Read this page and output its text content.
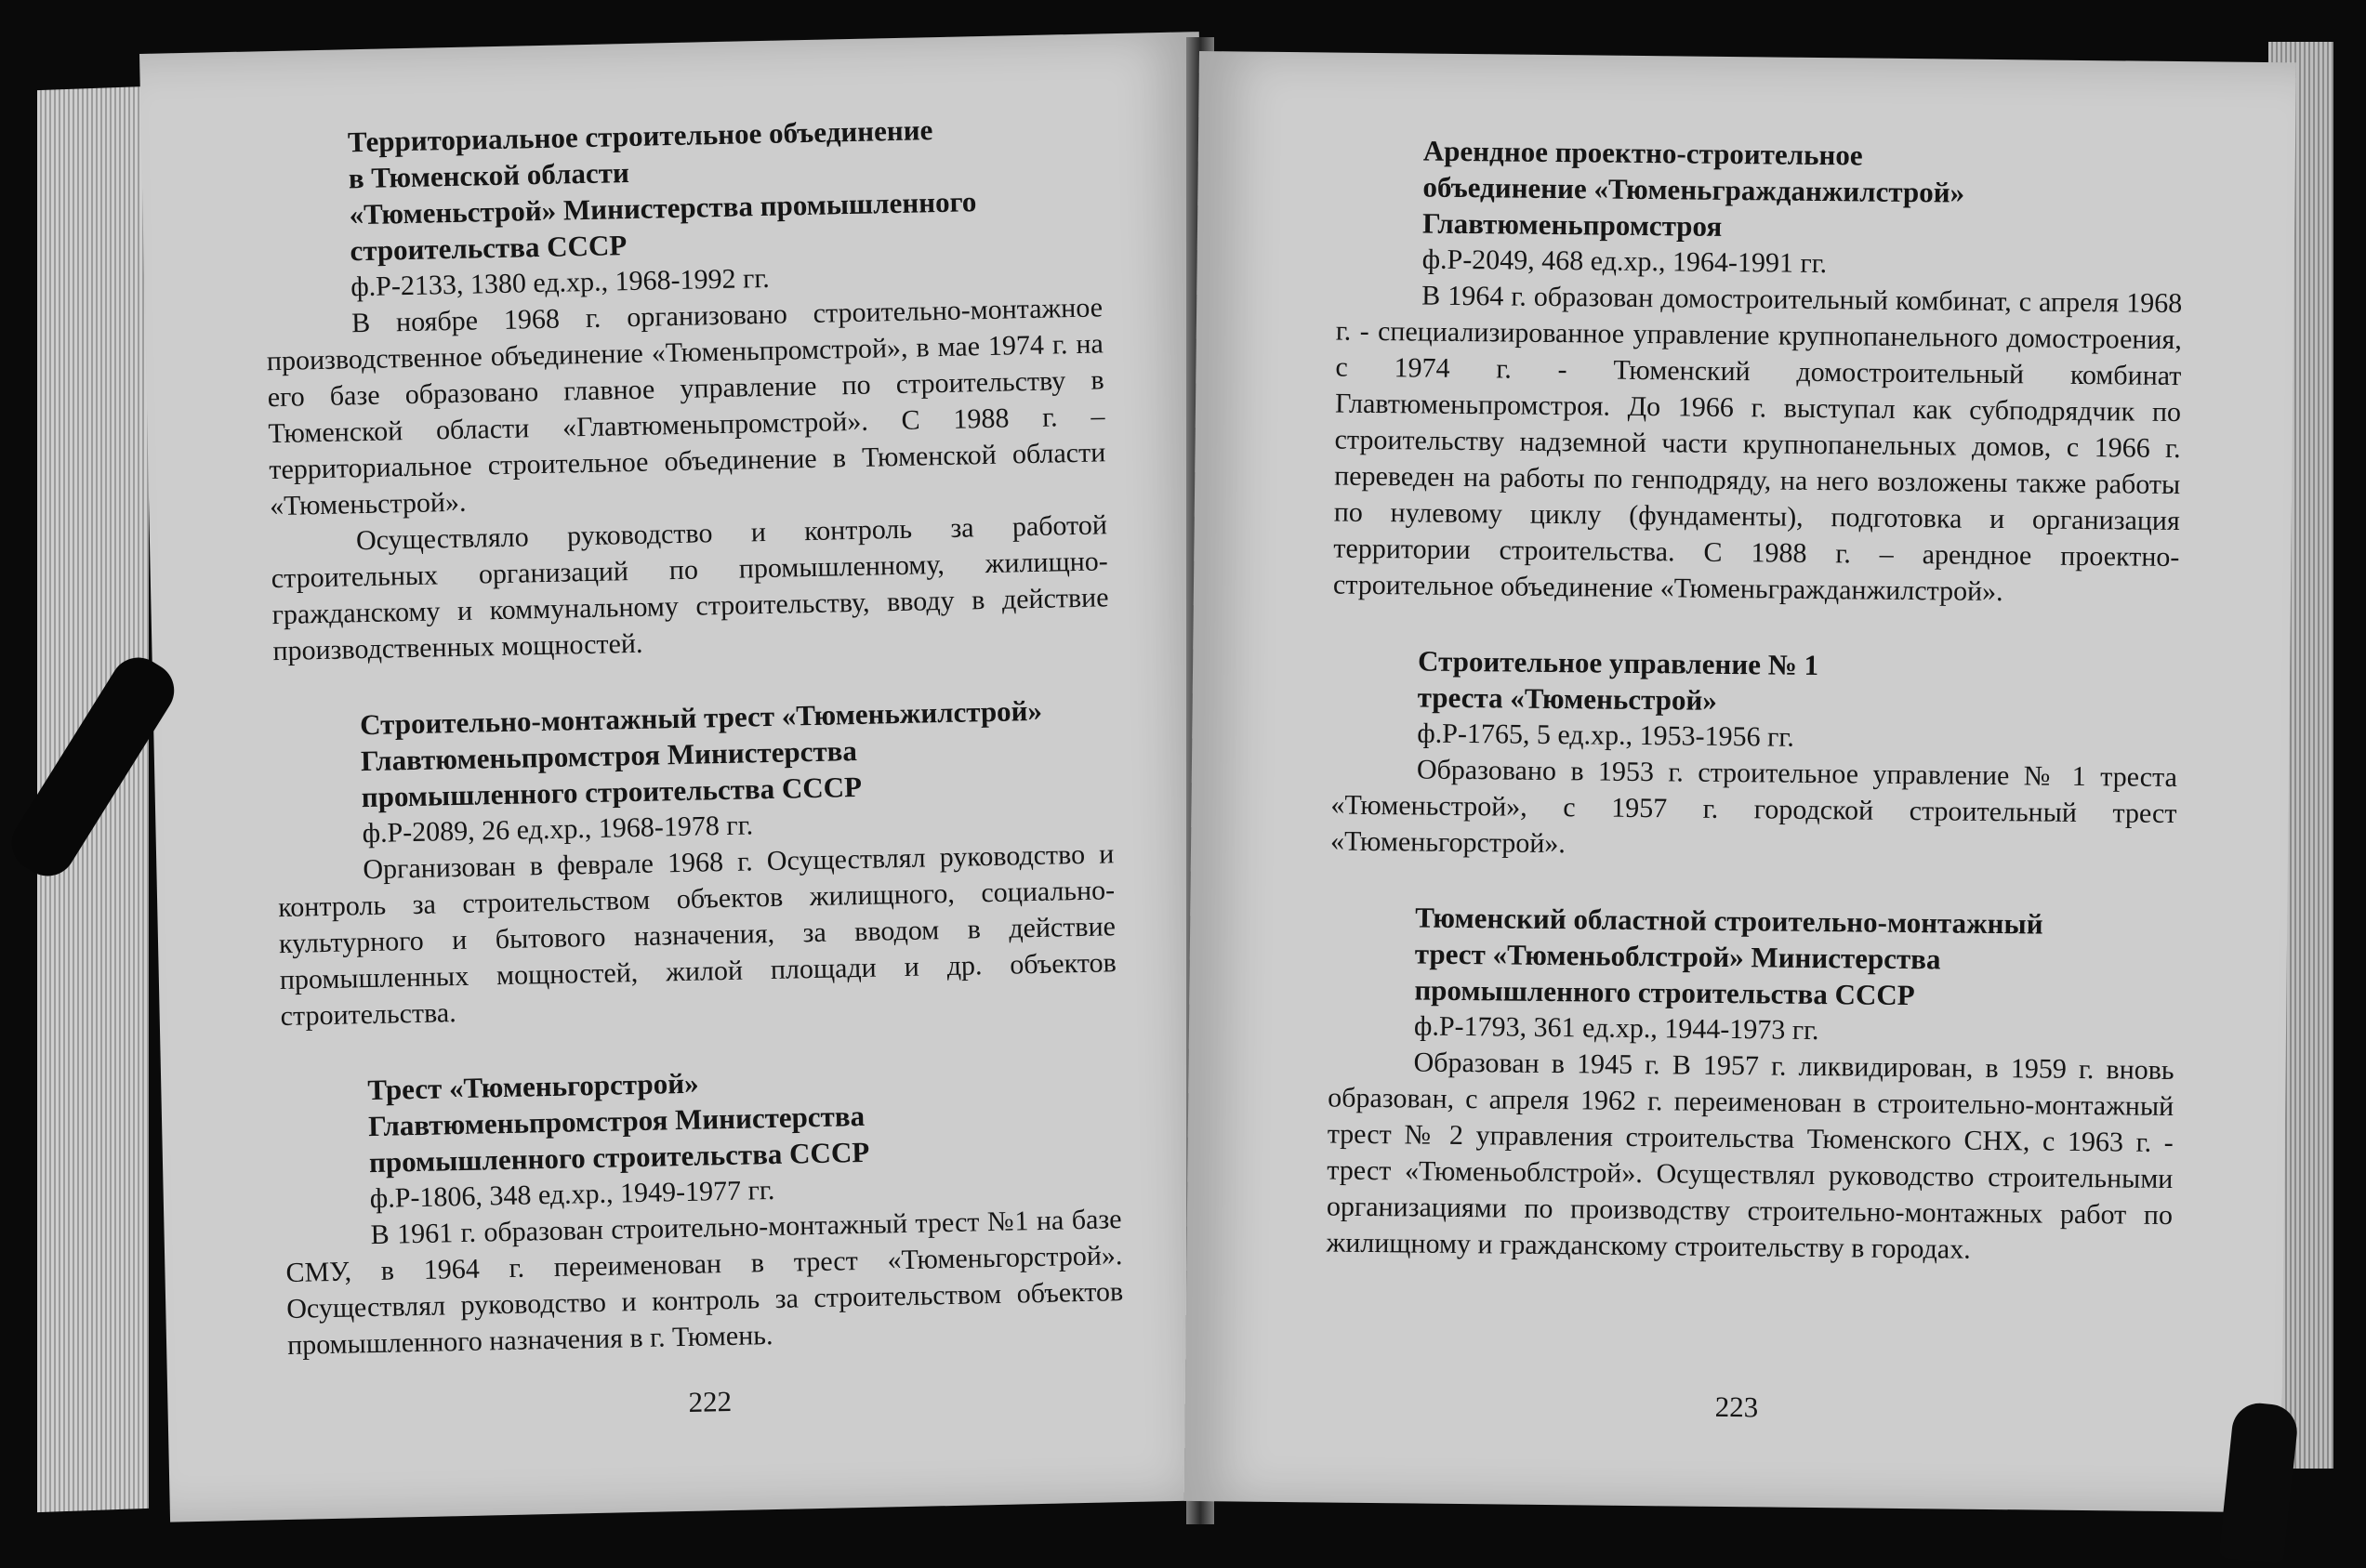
Территориальное строительное объединение
в Тюменской области
«Тюменьстрой» Министерства промышленного
строительства СССР

ф.Р-2133, 1380 ед.хр., 1968-1992 гг.

В ноябре 1968 г. организовано строительно-монтажное производственное объединение «Тюменьпромстрой», в мае 1974 г. на его базе образовано главное управление по строительству в Тюменской области «Главтюменьпромстрой». С 1988 г. – территориальное строительное объединение в Тюменской области «Тюменьстрой».

Осуществляло руководство и контроль за работой строительных организаций по промышленному, жилищно-гражданскому и коммунальному строительству, вводу в действие производственных мощностей.

Строительно-монтажный трест «Тюменьжилстрой»
Главтюменьпромстроя Министерства
промышленного строительства СССР

ф.Р-2089, 26 ед.хр., 1968-1978 гг.

Организован в феврале 1968 г. Осуществлял руководство и контроль за строительством объектов жилищного, социально-культурного и бытового назначения, за вводом в действие промышленных мощностей, жилой площади и др. объектов строительства.

Трест «Тюменьгорстрой»
Главтюменьпромстроя Министерства
промышленного строительства СССР

ф.Р-1806, 348 ед.хр., 1949-1977 гг.

В 1961 г. образован строительно-монтажный трест №1 на базе СМУ, в 1964 г. переименован в трест «Тюменьгорстрой». Осуществлял руководство и контроль за строительством объектов промышленного назначения в г. Тюмень.

222

Арендное проектно-строительное
объединение «Тюменьгражданжилстрой»
Главтюменьпромстроя

ф.Р-2049, 468 ед.хр., 1964-1991 гг.

В 1964 г. образован домостроительный комбинат, с апреля 1968 г. - специализированное управление крупнопанельного домостроения, с 1974 г. - Тюменский домостроительный комбинат Главтюменьпромстроя. До 1966 г. выступал как субподрядчик по строительству надземной части крупнопанельных домов, с 1966 г. переведен на работы по генподряду, на него возложены также работы по нулевому циклу (фундаменты), подготовка и организация территории строительства. С 1988 г. – арендное проектно-строительное объединение «Тюменьгражданжилстрой».

Строительное управление № 1
треста «Тюменьстрой»

ф.Р-1765, 5 ед.хр., 1953-1956 гг.

Образовано в 1953 г. строительное управление № 1 треста «Тюменьстрой», с 1957 г. городской строительный трест «Тюменьгорстрой».

Тюменский областной строительно-монтажный
трест «Тюменьоблстрой» Министерства
промышленного строительства СССР

ф.Р-1793, 361 ед.хр., 1944-1973 гг.

Образован в 1945 г. В 1957 г. ликвидирован, в 1959 г. вновь образован, с апреля 1962 г. переименован в строительно-монтажный трест № 2 управления строительства Тюменского СНХ, с 1963 г. - трест «Тюменьоблстрой». Осуществлял руководство строительными организациями по производству строительно-монтажных работ по жилищному и гражданскому строительству в городах.

223
